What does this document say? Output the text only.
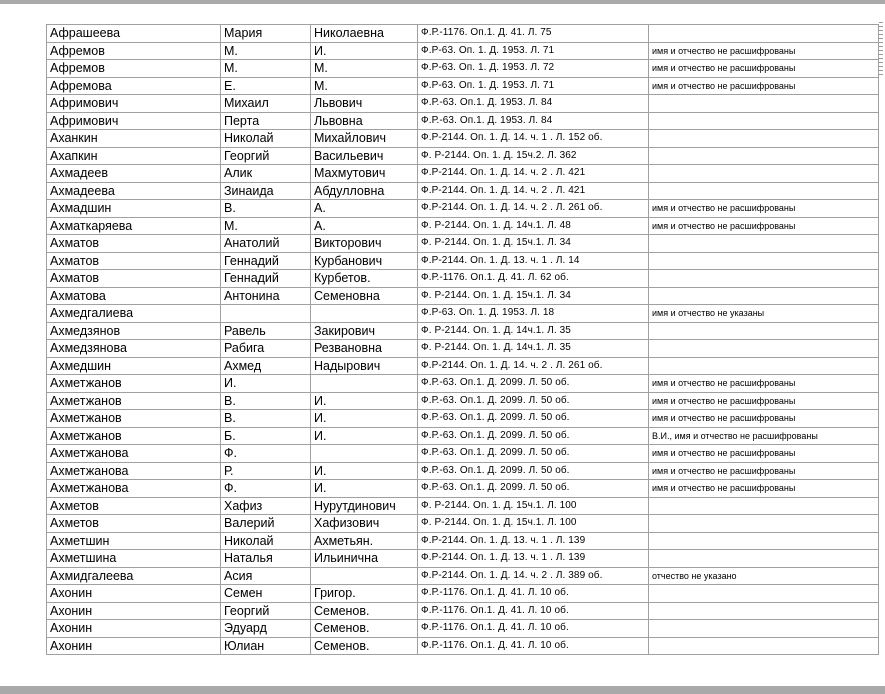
Афрашеева	Мария	Николаевна	Ф.Р.-1176. Оп.1. Д. 41. Л. 75	
Афремов	М.	И.	Ф.Р-63. Оп. 1. Д. 1953. Л. 71	имя и отчество не расшифрованы
Афремов	М.	М.	Ф.Р-63. Оп. 1. Д. 1953. Л. 72	имя и отчество не расшифрованы
Афремова	Е.	М.	Ф.Р-63. Оп. 1. Д. 1953. Л. 71	имя и отчество не расшифрованы
Афримович	Михаил	Львович	Ф.Р.-63. Оп.1. Д. 1953. Л. 84	
Афримович	Перта	Львовна	Ф.Р.-63. Оп.1. Д. 1953. Л. 84	
Аханкин	Николай	Михайлович	Ф.Р-2144. Оп. 1. Д. 14. ч. 1 . Л. 152 об.	
Ахапкин	Георгий	Васильевич	Ф. Р-2144. Оп. 1. Д. 15ч.2. Л. 362	
Ахмадеев	Алик	Махмутович	Ф.Р-2144. Оп. 1. Д. 14. ч. 2 . Л. 421	
Ахмадеева	Зинаида	Абдулловна	Ф.Р-2144. Оп. 1. Д. 14. ч. 2 . Л. 421	
Ахмадшин	В.	А.	Ф.Р-2144. Оп. 1. Д. 14. ч. 2 . Л. 261 об.	имя и отчество не расшифрованы
Ахматкаряева	М.	А.	Ф. Р-2144. Оп. 1. Д. 14ч.1. Л. 48	имя и отчество не расшифрованы
Ахматов	Анатолий	Викторович	Ф. Р-2144. Оп. 1. Д. 15ч.1. Л. 34	
Ахматов	Геннадий	Курбанович	Ф.Р-2144. Оп. 1. Д. 13. ч. 1 . Л. 14	
Ахматов	Геннадий	Курбетов.	Ф.Р.-1176. Оп.1. Д. 41. Л. 62 об.	
Ахматова	Антонина	Семеновна	Ф. Р-2144. Оп. 1. Д. 15ч.1. Л. 34	
Ахмедгалиева			Ф.Р-63. Оп. 1. Д. 1953. Л. 18	имя и отчество не указаны
Ахмедзянов	Равель	Закирович	Ф. Р-2144. Оп. 1. Д. 14ч.1. Л. 35	
Ахмедзянова	Рабига	Резвановна	Ф. Р-2144. Оп. 1. Д. 14ч.1. Л. 35	
Ахмедшин	Ахмед	Надырович	Ф.Р-2144. Оп. 1. Д. 14. ч. 2 . Л. 261 об.	
Ахметжанов	И.		Ф.Р.-63. Оп.1. Д. 2099. Л. 50 об.	имя и отчество не расшифрованы
Ахметжанов	В.	И.	Ф.Р.-63. Оп.1. Д. 2099. Л. 50 об.	имя и отчество не расшифрованы
Ахметжанов	В.	И.	Ф.Р.-63. Оп.1. Д. 2099. Л. 50 об.	имя и отчество не расшифрованы
Ахметжанов	Б.	И.	Ф.Р.-63. Оп.1. Д. 2099. Л. 50 об.	В.И., имя и отчество не расшифрованы
Ахметжанова	Ф.		Ф.Р.-63. Оп.1. Д. 2099. Л. 50 об.	имя и отчество не расшифрованы
Ахметжанова	Р.	И.	Ф.Р.-63. Оп.1. Д. 2099. Л. 50 об.	имя и отчество не расшифрованы
Ахметжанова	Ф.	И.	Ф.Р.-63. Оп.1. Д. 2099. Л. 50 об.	имя и отчество не расшифрованы
Ахметов	Хафиз	Нурутдинович	Ф. Р-2144. Оп. 1. Д. 15ч.1. Л. 100	
Ахметов	Валерий	Хафизович	Ф. Р-2144. Оп. 1. Д. 15ч.1. Л. 100	
Ахметшин	Николай	Ахметьян.	Ф.Р-2144. Оп. 1. Д. 13. ч. 1 . Л. 139	
Ахметшина	Наталья	Ильинична	Ф.Р-2144. Оп. 1. Д. 13. ч. 1 . Л. 139	
Ахмидгалеева	Асия		Ф.Р-2144. Оп. 1. Д. 14. ч. 2 . Л. 389 об.	отчество не указано
Ахонин	Семен	Григор.	Ф.Р.-1176. Оп.1. Д. 41. Л. 10 об.	
Ахонин	Георгий	Семенов.	Ф.Р.-1176. Оп.1. Д. 41. Л. 10 об.	
Ахонин	Эдуард	Семенов.	Ф.Р.-1176. Оп.1. Д. 41. Л. 10 об.	
Ахонин	Юлиан	Семенов.	Ф.Р.-1176. Оп.1. Д. 41. Л. 10 об.	
